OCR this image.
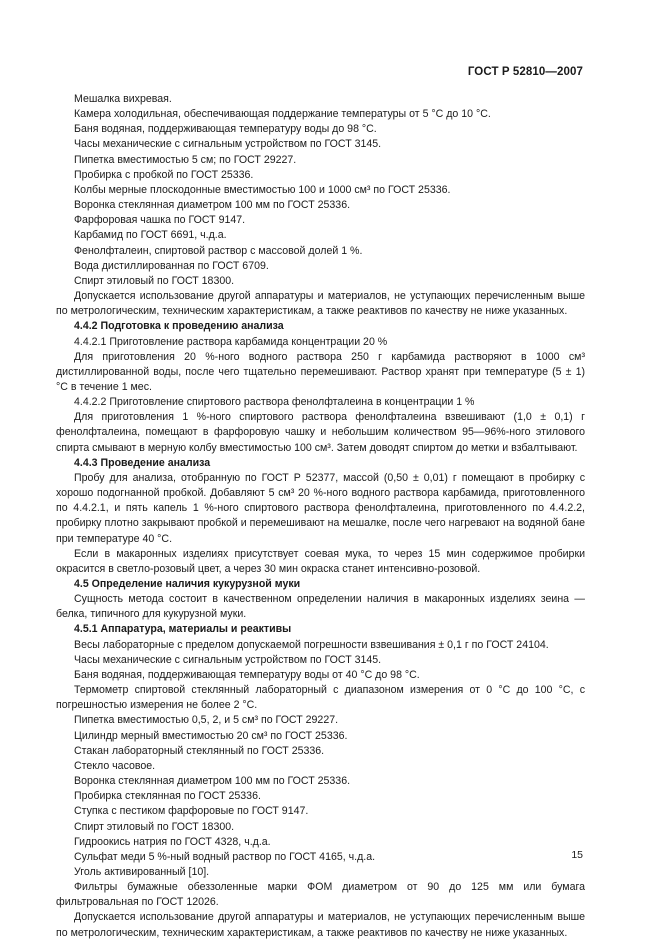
ГОСТ Р 52810—2007

Мешалка вихревая.

Камера холодильная, обеспечивающая поддержание температуры от 5 °С до 10 °С.

Баня водяная, поддерживающая температуру воды до 98 °С.

Часы механические с сигнальным устройством по ГОСТ 3145.

Пипетка вместимостью 5 см; по ГОСТ 29227.

Пробирка с пробкой по ГОСТ 25336.

Колбы мерные плоскодонные вместимостью 100 и 1000 см³ по ГОСТ 25336.

Воронка стеклянная диаметром 100 мм по ГОСТ 25336.

Фарфоровая чашка по ГОСТ 9147.

Карбамид по ГОСТ 6691, ч.д.а.

Фенолфталеин, спиртовой раствор с массовой долей 1 %.

Вода дистиллированная по ГОСТ 6709.

Спирт этиловый по ГОСТ 18300.

Допускается использование другой аппаратуры и материалов, не уступающих перечисленным выше по метрологическим, техническим характеристикам, а также реактивов по качеству не ниже указанных.

4.4.2 Подготовка к проведению анализа

4.4.2.1 Приготовление раствора карбамида концентрации 20 %

Для приготовления 20 %-ного водного раствора 250 г карбамида растворяют в 1000 см³ дистиллированной воды, после чего тщательно перемешивают. Раствор хранят при температуре (5 ± 1) °С в течение 1 мес.

4.4.2.2 Приготовление спиртового раствора фенолфталеина в концентрации 1 %

Для приготовления 1 %-ного спиртового раствора фенолфталеина взвешивают (1,0 ± 0,1) г фенолфталеина, помещают в фарфоровую чашку и небольшим количеством 95—96%-ного этилового спирта смывают в мерную колбу вместимостью 100 см³. Затем доводят спиртом до метки и взбалтывают.

4.4.3 Проведение анализа

Пробу для анализа, отобранную по ГОСТ Р 52377, массой (0,50 ± 0,01) г помещают в пробирку с хорошо подогнанной пробкой. Добавляют 5 см³ 20 %-ного водного раствора карбамида, приготовленного по 4.4.2.1, и пять капель 1 %-ного спиртового раствора фенолфталеина, приготовленного по 4.4.2.2, пробирку плотно закрывают пробкой и перемешивают на мешалке, после чего нагревают на водяной бане при температуре 40 °С.

Если в макаронных изделиях присутствует соевая мука, то через 15 мин содержимое пробирки окрасится в светло-розовый цвет, а через 30 мин окраска станет интенсивно-розовой.

4.5 Определение наличия кукурузной муки

Сущность метода состоит в качественном определении наличия в макаронных изделиях зеина — белка, типичного для кукурузной муки.

4.5.1 Аппаратура, материалы и реактивы

Весы лабораторные с пределом допускаемой погрешности взвешивания ± 0,1 г по ГОСТ 24104.

Часы механические с сигнальным устройством по ГОСТ 3145.

Баня водяная, поддерживающая температуру воды от 40 °С до 98 °С.

Термометр спиртовой стеклянный лабораторный с диапазоном измерения от 0 °С до 100 °С, с погрешностью измерения не более 2 °С.

Пипетка вместимостью 0,5, 2, и 5 см³ по ГОСТ 29227.

Цилиндр мерный вместимостью 20 см³ по ГОСТ 25336.

Стакан лабораторный стеклянный по ГОСТ 25336.

Стекло часовое.

Воронка стеклянная диаметром 100 мм по ГОСТ 25336.

Пробирка стеклянная по ГОСТ 25336.

Ступка с пестиком фарфоровые по ГОСТ 9147.

Спирт этиловый по ГОСТ 18300.

Гидроокись натрия по ГОСТ 4328, ч.д.а.

Сульфат меди 5 %-ный водный раствор по ГОСТ 4165, ч.д.а.

Уголь активированный [10].

Фильтры бумажные обеззоленные марки ФОМ диаметром от 90 до 125 мм или бумага фильтровальная по ГОСТ 12026.

Допускается использование другой аппаратуры и материалов, не уступающих перечисленным выше по метрологическим, техническим характеристикам, а также реактивов по качеству не ниже указанных.

15
